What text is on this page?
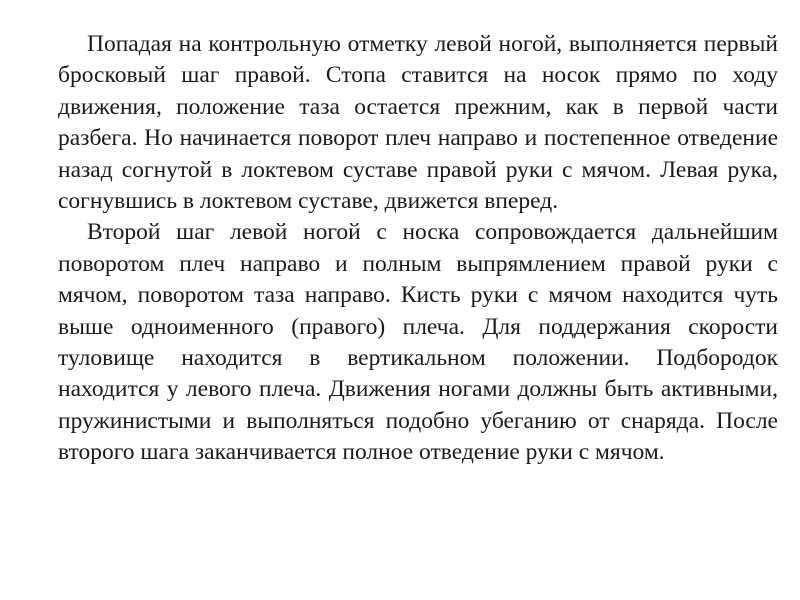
Попадая на контрольную отметку левой ногой, выполняется первый бросковый шаг правой. Стопа ставится на носок прямо по ходу движения, положение таза остается прежним, как в первой части разбега. Но начинается поворот плеч направо и постепенное отведение назад согнутой в локтевом суставе правой руки с мячом. Левая рука, согнувшись в локтевом суставе, движется вперед.

Второй шаг левой ногой с носка сопровождается дальнейшим поворотом плеч направо и полным выпрямлением правой руки с мячом, поворотом таза направо. Кисть руки с мячом находится чуть выше одноименного (правого) плеча. Для поддержания скорости туловище находится в вертикальном положении. Подбородок находится у левого плеча. Движения ногами должны быть активными, пружинистыми и выполняться подобно убеганию от снаряда. После второго шага заканчивается полное отведение руки с мячом.
